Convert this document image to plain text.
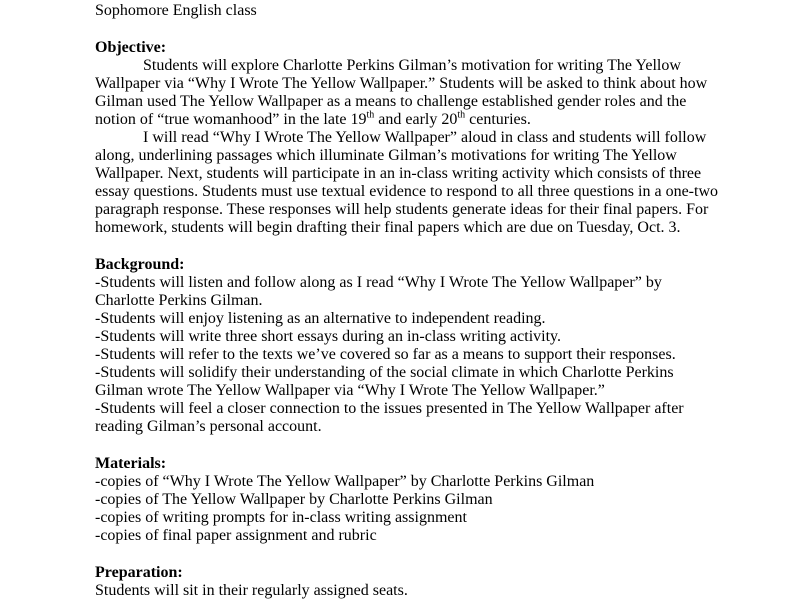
Sophomore English class

Objective:

Students will explore Charlotte Perkins Gilman’s motivation for writing The Yellow

Wallpaper via “Why I Wrote The Yellow Wallpaper.” Students will be asked to think about how

Gilman used The Yellow Wallpaper as a means to challenge established gender roles and the

notion of “true womanhood” in the late 19th and early 20th centuries.

I will read “Why I Wrote The Yellow Wallpaper” aloud in class and students will follow

along, underlining passages which illuminate Gilman’s motivations for writing The Yellow

Wallpaper. Next, students will participate in an in-class writing activity which consists of three

essay questions. Students must use textual evidence to respond to all three questions in a one-two

paragraph response. These responses will help students generate ideas for their final papers. For

homework, students will begin drafting their final papers which are due on Tuesday, Oct. 3.

Background:

-Students will listen and follow along as I read “Why I Wrote The Yellow Wallpaper” by

Charlotte Perkins Gilman.

-Students will enjoy listening as an alternative to independent reading.

-Students will write three short essays during an in-class writing activity.

-Students will refer to the texts we’ve covered so far as a means to support their responses.

-Students will solidify their understanding of the social climate in which Charlotte Perkins

Gilman wrote The Yellow Wallpaper via “Why I Wrote The Yellow Wallpaper.”

-Students will feel a closer connection to the issues presented in The Yellow Wallpaper after

reading Gilman’s personal account.

Materials:

-copies of “Why I Wrote The Yellow Wallpaper” by Charlotte Perkins Gilman

-copies of The Yellow Wallpaper by Charlotte Perkins Gilman

-copies of writing prompts for in-class writing assignment

-copies of final paper assignment and rubric

Preparation:

Students will sit in their regularly assigned seats.
